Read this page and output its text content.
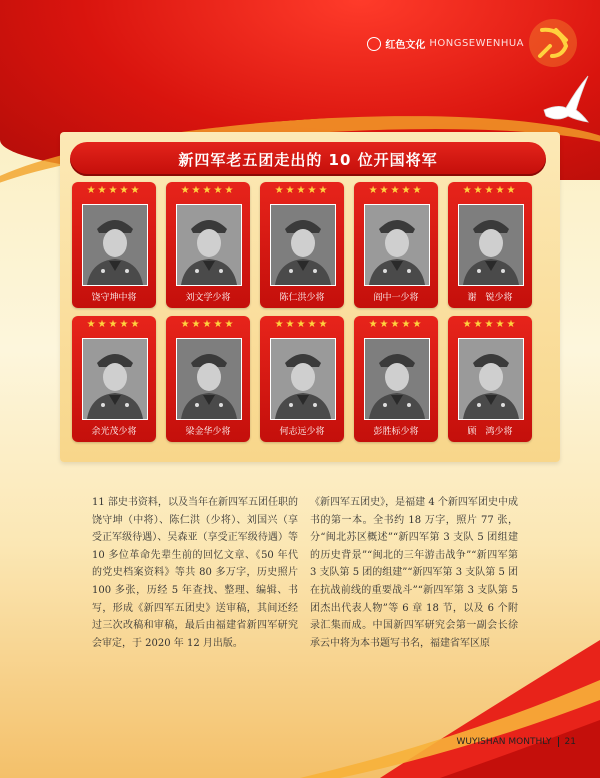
红色文化 HONGSEWENHUA
新四军老五团走出的 10 位开国将军
★★★★★
饶守坤中将
★★★★★
刘文学少将
★★★★★
陈仁洪少将
★★★★★
阎中一少将
★★★★★
谢　锐少将
★★★★★
余光茂少将
★★★★★
梁金华少将
★★★★★
何志远少将
★★★★★
彭胜标少将
★★★★★
顾　鸿少将
11 部史书资料，以及当年在新四军五团任职的饶守坤（中将）、陈仁洪（少将）、刘国兴（享受正军级待遇）、吴森亚（享受正军级待遇）等 10 多位革命先辈生前的回忆文章、《50 年代的党史档案资料》等共 80 多万字，历史照片 100 多张，历经 5 年查找、整理、编辑、书写，形成《新四军五团史》送审稿，其间还经过三次改稿和审稿，最后由福建省新四军研究会审定，于 2020 年 12 月出版。
《新四军五团史》，是福建 4 个新四军团史中成书的第一本。全书约 18 万字，照片 77 张，分“闽北苏区概述”“新四军第 3 支队 5 团组建的历史背景”“闽北的三年游击战争”“新四军第 3 支队第 5 团的组建”“新四军第 3 支队第 5 团在抗战前线的重要战斗”“新四军第 3 支队第 5 团杰出代表人物”等 6 章 18 节，以及 6 个附录汇集而成。中国新四军研究会第一副会长徐承云中将为本书题写书名，福建省军区原
WUYISHAN MONTHLY 21
